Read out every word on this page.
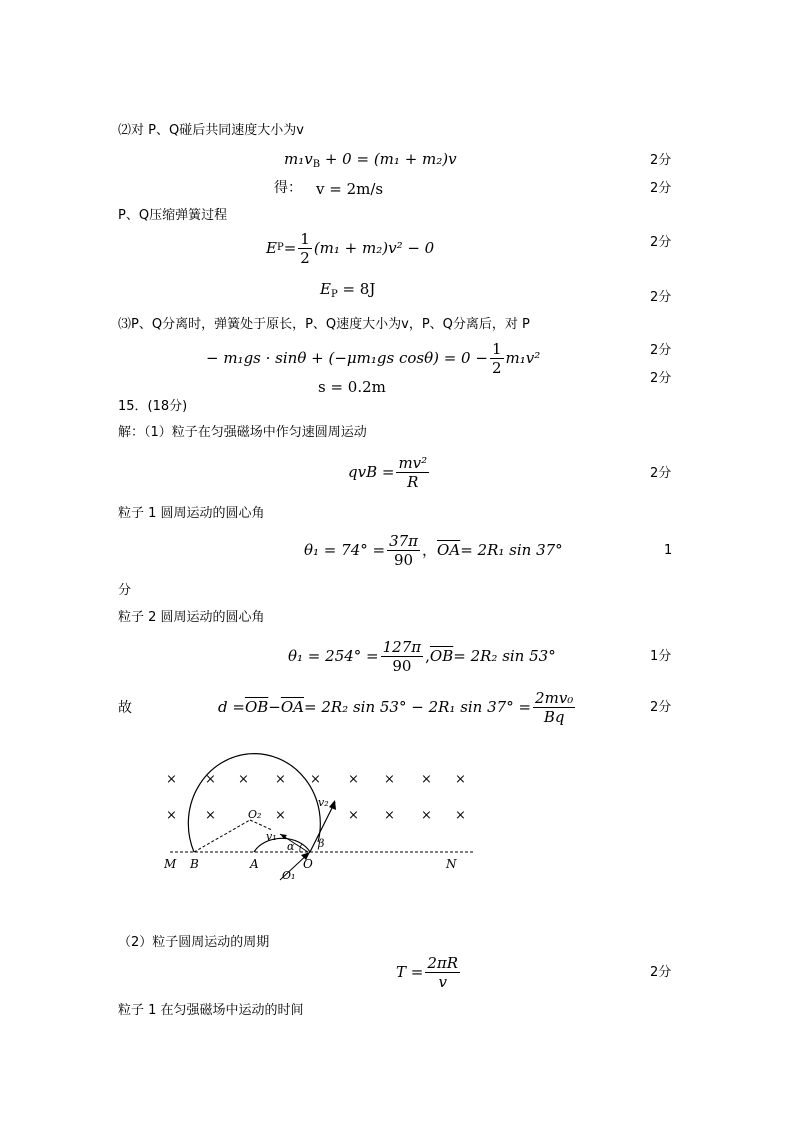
⑵对 P、Q碰后共同速度大小为v
$m_1v_B + 0 = (m_1 + m_2)v$	2分
得： v = 2m/s	2分
P、Q压缩弹簧过程
E $P = \frac{1}{2} (m_1 + m_2)v^2 - 0$	2分
$E_P = 8J$	2分
⑶P、Q分离时，弹簧处于原长，P、Q速度大小为v，P、Q分离后，对 P
− m₁gs · sinθ + (−μm₁gs $\cos\theta) = 0 - \frac{1}{2} m_1v^2$	2分
s = 0.2m	2分
15．(18分)
解：（1）粒子在匀强磁场中作匀速圆周运动
qvB = $\frac{\text{mv²}}{R}$	2分
粒子 1 圆周运动的圆心角
$\theta_1 = 74^\circ = \frac{37\pi}{90}$ ， $\overline{OA} = 2R_1$ sin 37°	1
分
粒子 2 圆周运动的圆心角
$\theta_1 = 254^\circ = \frac{127\pi}{90}$ , $\overline{OB} = 2R_2$ sin 53°	1分
故	$d = \overline{OB} - \overline{OA} = 2R_2$ sin 53° − 2R₁ $\sin 37^\circ = \frac{\text{2mv₀}}{Bq}$	2分
× × × × × × × × ×
× ×	×	× × × ×
M B	A	O	N
O₁
O₂
v₁
v₂
α β
（2）粒子圆周运动的周期
$T = \frac{2\pi R}{v}$	2分
粒子 1 在匀强磁场中运动的时间
